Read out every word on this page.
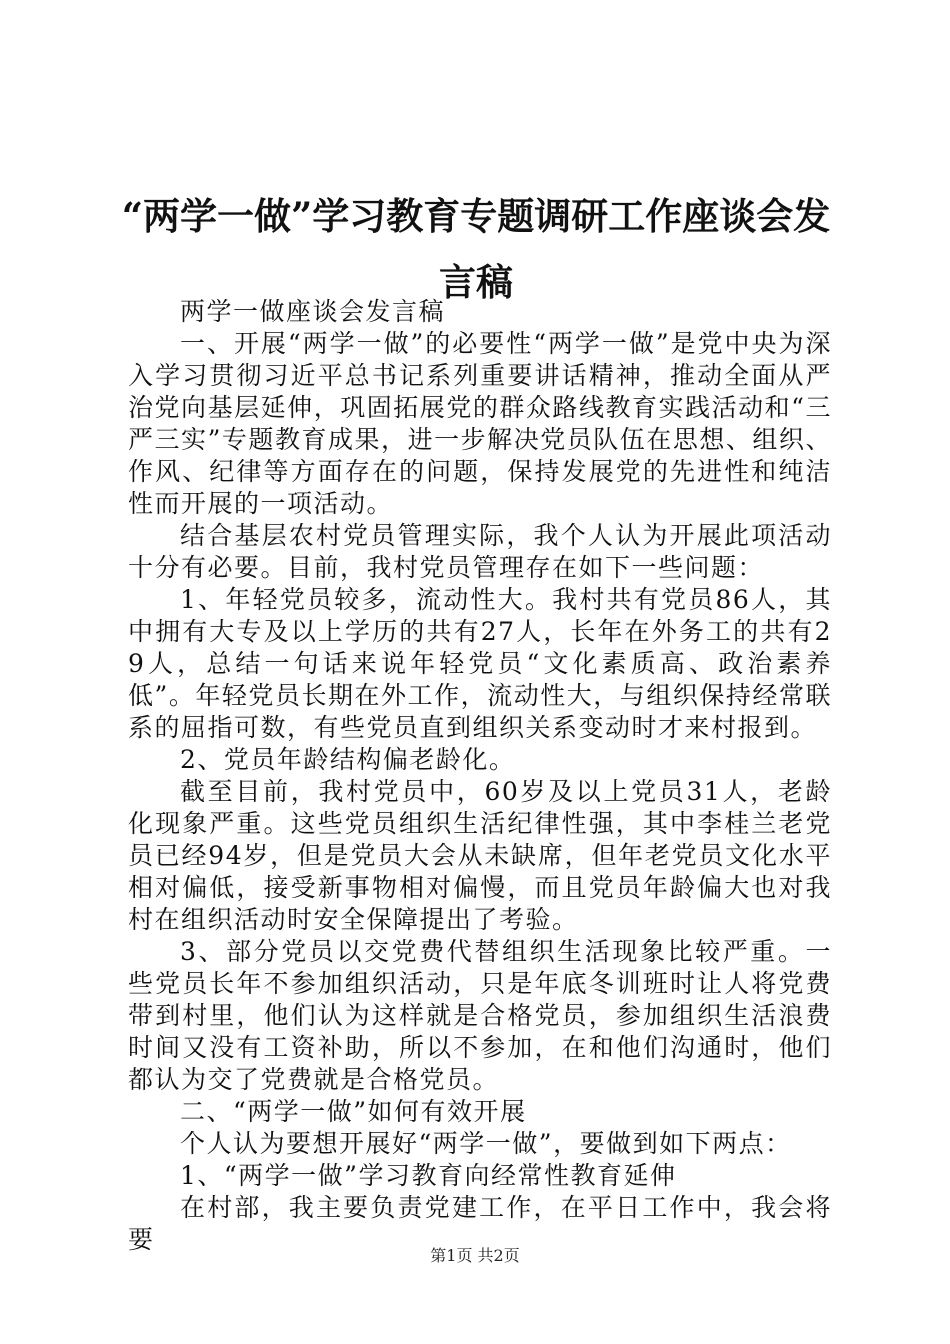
“两学一做”学习教育专题调研工作座谈会发言稿

两学一做座谈会发言稿

一、开展“两学一做”的必要性“两学一做”是党中央为深入学习贯彻习近平总书记系列重要讲话精神，推动全面从严治党向基层延伸，巩固拓展党的群众路线教育实践活动和“三严三实”专题教育成果，进一步解决党员队伍在思想、组织、作风、纪律等方面存在的问题，保持发展党的先进性和纯洁性而开展的一项活动。

结合基层农村党员管理实际，我个人认为开展此项活动十分有必要。目前，我村党员管理存在如下一些问题：

1、年轻党员较多，流动性大。我村共有党员86人，其中拥有大专及以上学历的共有27人，长年在外务工的共有29人，总结一句话来说年轻党员“文化素质高、政治素养低”。年轻党员长期在外工作，流动性大，与组织保持经常联系的屈指可数，有些党员直到组织关系变动时才来村报到。

2、党员年龄结构偏老龄化。

截至目前，我村党员中，60岁及以上党员31人，老龄化现象严重。这些党员组织生活纪律性强，其中李桂兰老党员已经94岁，但是党员大会从未缺席，但年老党员文化水平相对偏低，接受新事物相对偏慢，而且党员年龄偏大也对我村在组织活动时安全保障提出了考验。

3、部分党员以交党费代替组织生活现象比较严重。一些党员长年不参加组织活动，只是年底冬训班时让人将党费带到村里，他们认为这样就是合格党员，参加组织生活浪费时间又没有工资补助，所以不参加，在和他们沟通时，他们都认为交了党费就是合格党员。

二、“两学一做”如何有效开展

个人认为要想开展好“两学一做”，要做到如下两点：

1、“两学一做”学习教育向经常性教育延伸

在村部，我主要负责党建工作，在平日工作中，我会将要

第1页 共2页
